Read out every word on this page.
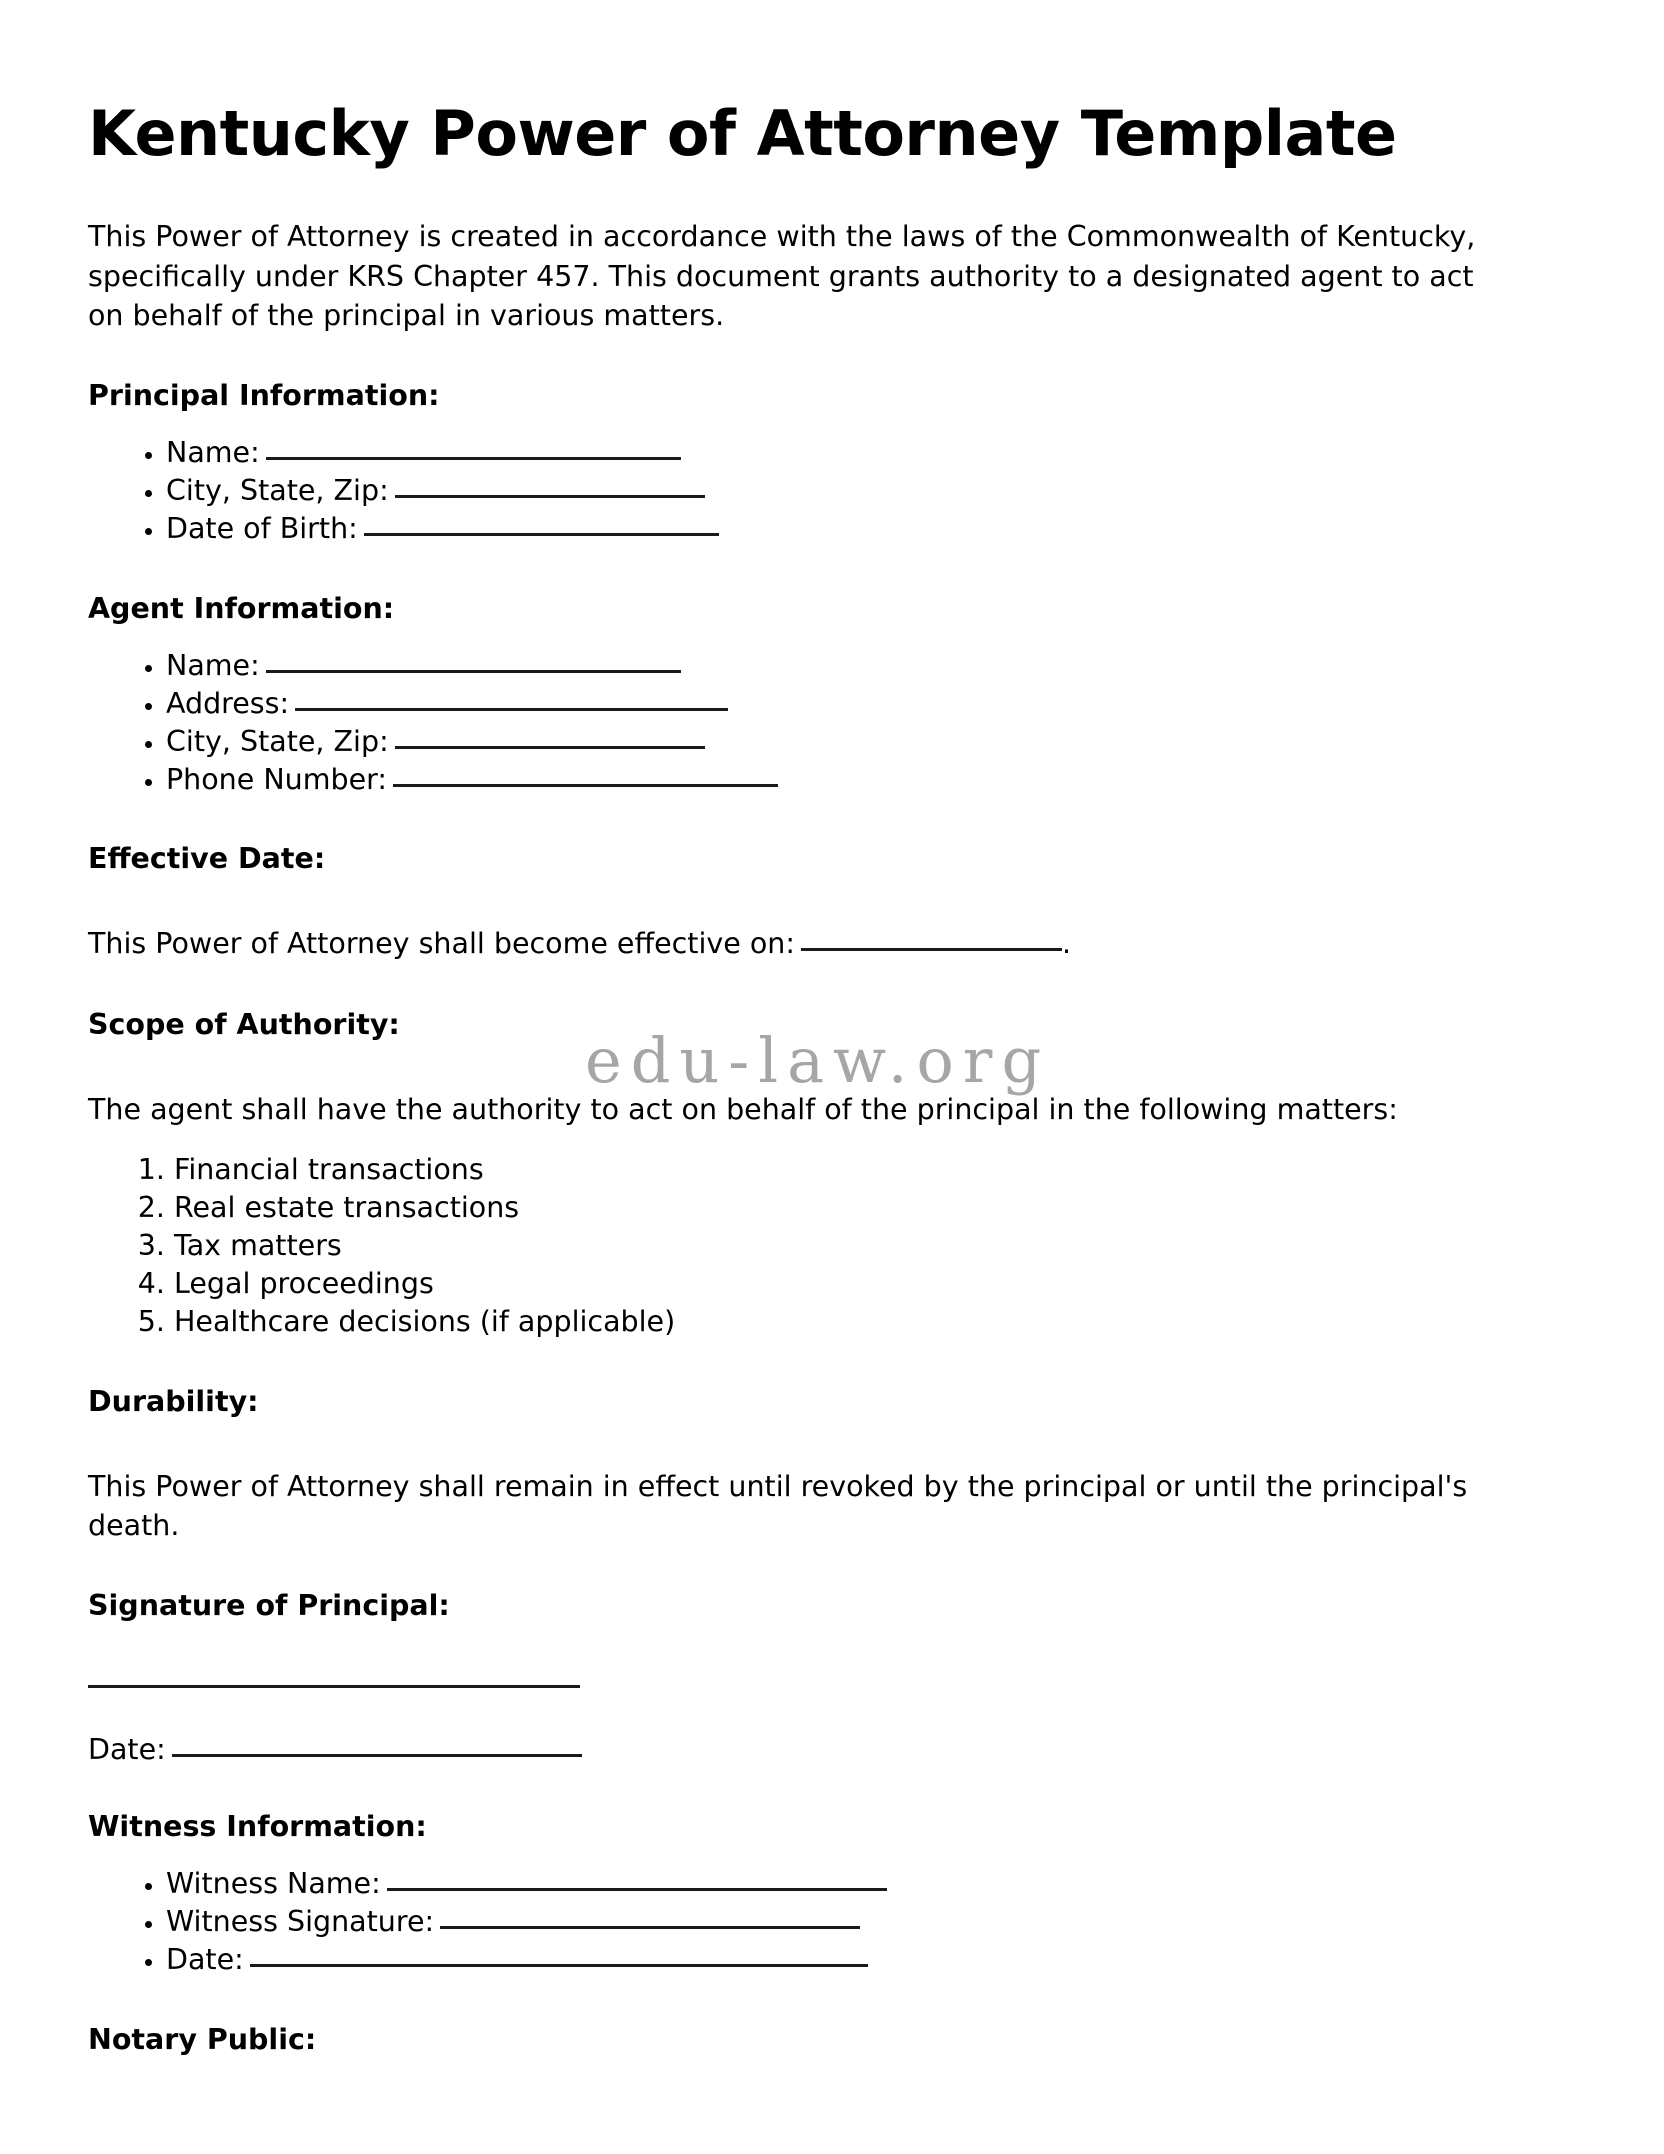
edu-law.org
Kentucky Power of Attorney Template

This Power of Attorney is created in accordance with the laws of the Commonwealth of Kentucky, specifically under KRS Chapter 457. This document grants authority to a designated agent to act on behalf of the principal in various matters.

Principal Information:
• Name:
• City, State, Zip:
• Date of Birth:
Agent Information:
• Name:
• Address:
• City, State, Zip:
• Phone Number:
Effective Date:

This Power of Attorney shall become effective on:	.

Scope of Authority:

The agent shall have the authority to act on behalf of the principal in the following matters:

1. Financial transactions
2. Real estate transactions
3. Tax matters
4. Legal proceedings
5. Healthcare decisions (if applicable)
Durability:

This Power of Attorney shall remain in effect until revoked by the principal or until the principal's death.

Signature of Principal:

Date:

Witness Information:
• Witness Name:
• Witness Signature:
• Date:
Notary Public:
